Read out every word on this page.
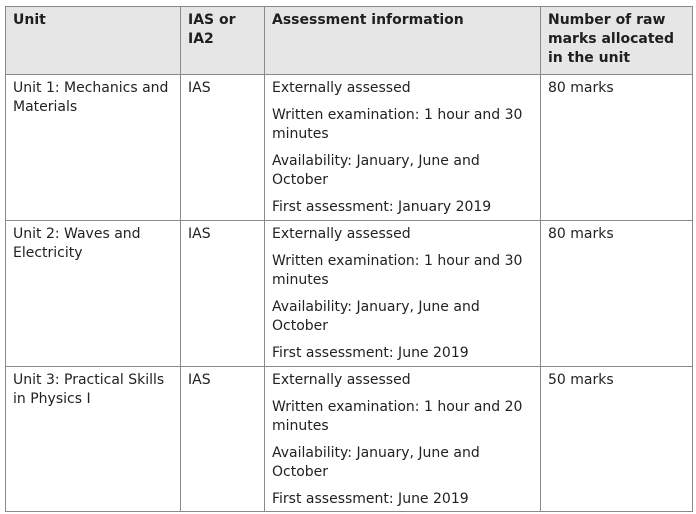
Unit	IAS or IA2	Assessment information	Number of raw marks allocated in the unit
Unit 1: Mechanics and Materials	IAS	Externally assessed
Written examination: 1 hour and 30 minutes
Availability: January, June and October
First assessment: January 2019	80 marks
Unit 2: Waves and Electricity	IAS	Externally assessed
Written examination: 1 hour and 30 minutes
Availability: January, June and October
First assessment: June 2019	80 marks
Unit 3: Practical Skills in Physics I	IAS	Externally assessed
Written examination: 1 hour and 20 minutes
Availability: January, June and October
First assessment: June 2019	50 marks
